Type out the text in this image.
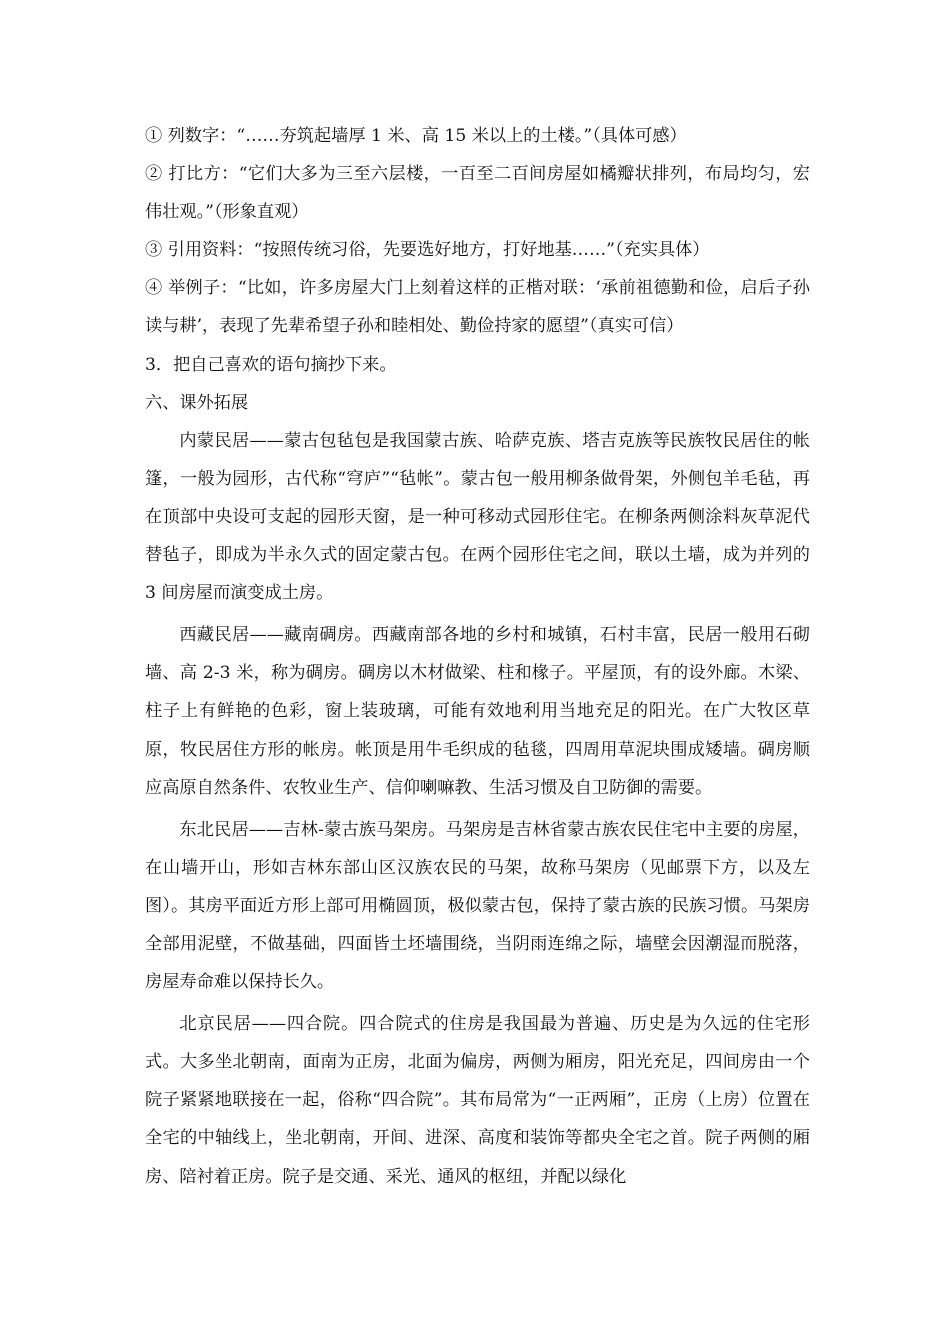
① 列数字：“……夯筑起墙厚 1 米、高 15 米以上的土楼。”（具体可感）

② 打比方：“它们大多为三至六层楼，一百至二百间房屋如橘瓣状排列，布局均匀，宏伟壮观。”（形象直观）

③ 引用资料：“按照传统习俗，先要选好地方，打好地基……”（充实具体）

④ 举例子：“比如，许多房屋大门上刻着这样的正楷对联：‘承前祖德勤和俭，启后子孙读与耕’，表现了先辈希望子孙和睦相处、勤俭持家的愿望”（真实可信）

3．把自己喜欢的语句摘抄下来。

六、课外拓展

内蒙民居——蒙古包毡包是我国蒙古族、哈萨克族、塔吉克族等民族牧民居住的帐篷，一般为园形，古代称“穹庐”“毡帐”。蒙古包一般用柳条做骨架，外侧包羊毛毡，再在顶部中央设可支起的园形天窗，是一种可移动式园形住宅。在柳条两侧涂料灰草泥代替毡子，即成为半永久式的固定蒙古包。在两个园形住宅之间，联以土墙，成为并列的 3 间房屋而演变成土房。

西藏民居——藏南碉房。西藏南部各地的乡村和城镇，石村丰富，民居一般用石砌墙、高 2-3 米，称为碉房。碉房以木材做梁、柱和椽子。平屋顶，有的设外廊。木梁、柱子上有鲜艳的色彩，窗上装玻璃，可能有效地利用当地充足的阳光。在广大牧区草原，牧民居住方形的帐房。帐顶是用牛毛织成的毡毯，四周用草泥块围成矮墙。碉房顺应高原自然条件、农牧业生产、信仰喇嘛教、生活习惯及自卫防御的需要。

东北民居——吉林-蒙古族马架房。马架房是吉林省蒙古族农民住宅中主要的房屋，在山墙开山，形如吉林东部山区汉族农民的马架，故称马架房（见邮票下方，以及左图）。其房平面近方形上部可用椭圆顶，极似蒙古包，保持了蒙古族的民族习惯。马架房全部用泥壁，不做基础，四面皆土坯墙围绕，当阴雨连绵之际，墙壁会因潮湿而脱落，房屋寿命难以保持长久。

北京民居——四合院。四合院式的住房是我国最为普遍、历史是为久远的住宅形式。大多坐北朝南，面南为正房，北面为偏房，两侧为厢房，阳光充足，四间房由一个院子紧紧地联接在一起，俗称“四合院”。其布局常为“一正两厢”，正房（上房）位置在全宅的中轴线上，坐北朝南，开间、进深、高度和装饰等都央全宅之首。院子两侧的厢房、陪衬着正房。院子是交通、采光、通风的枢纽，并配以绿化
